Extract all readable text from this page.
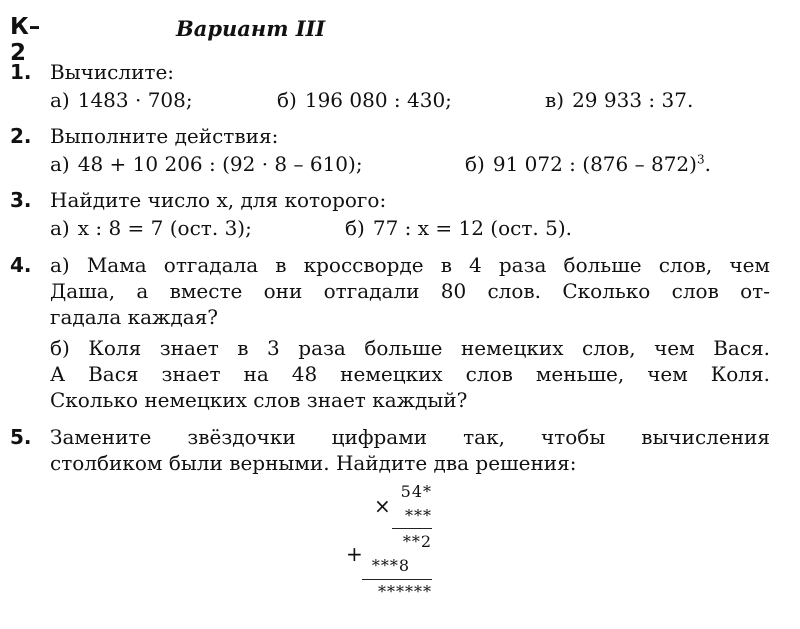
К–2
Вариант III
1. Вычислите:
а) 1483 · 708;	б) 196 080 : 430;	в) 29 933 : 37.
2. Выполните действия:
а) 48 + 10 206 : (92 · 8 – 610);	б) 91 072 : (876 – 872)$^3$.
3. Найдите число x, для которого:
а) x : 8 = 7 (ост. 3);	б) 77 : x = 12 (ост. 5).
4. а) Мама отгадала в кроссворде в 4 раза больше слов, чем
Даша, а вместе они отгадали 80 слов. Сколько слов от-
гадала каждая?
б) Коля знает в 3 раза больше немецких слов, чем Вася.
А Вася знает на 48 немецких слов меньше, чем Коля.
Сколько немецких слов знает каждый?
5. Замените звёздочки цифрами так, чтобы вычисления
столбиком были верными. Найдите два решения:
×
54*
***
**2
+ ***8
******
